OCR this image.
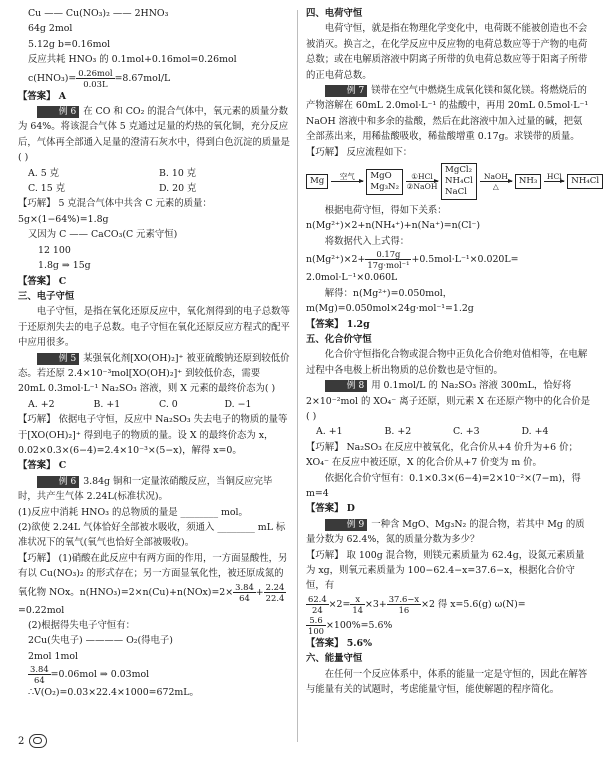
Cu —— Cu(NO₃)₂ —— 2HNO₃

64g 2mol

5.12g b=0.16mol

反应共耗 HNO₃ 的 0.1mol+0.16mol=0.26mol

$c(HNO_3)= \frac{\text{0.26mol}}{0.03L} =8.67mol/L$

【答案】 A

例 6 在 CO 和 CO₂ 的混合气体中，氧元素的质量分数为 64%。将该混合气体 5 克通过足量的灼热的氧化铜，充分反应后，气体再全部通入足量的澄清石灰水中，得到白色沉淀的质量是( )

A. 5 克	B. 10 克
C. 15 克	D. 20 克

【巧解】 5 克混合气体中共含 C 元素的质量：5g×(1−64%)=1.8g

又因为 C —— CaCO₃(C 元素守恒)

12 100

1.8g ⇒ 15g

【答案】 C

三、电子守恒

电子守恒，是指在氧化还原反应中，氧化剂得到的电子总数等于还原剂失去的电子总数。电子守恒在氧化还原反应方程式的配平中应用很多。

例 5 某强氧化剂[XO(OH)₂]⁺ 被亚硫酸钠还原到较低价态。若还原 2.4×10⁻³mol[XO(OH)₂]⁺ 到较低价态，需要 20mL 0.3mol·L⁻¹ Na₂SO₃ 溶液，则 X 元素的最终价态为( )

A. +2	B. +1	C. 0	D. −1

【巧解】 依据电子守恒，反应中 Na₂SO₃ 失去电子的物质的量等于[XO(OH)₂]⁺ 得到电子的物质的量。设 X 的最终价态为 x，0.02×0.3×(6−4)=2.4×10⁻³×(5−x)，解得 x=0。

【答案】 C

例 6 3.84g 铜和一定量浓硝酸反应，当铜反应完毕时，共产生气体 2.24L(标准状况)。

(1)反应中消耗 HNO₃ 的总物质的量是 ________ mol。

(2)欲使 2.24L 气体恰好全部被水吸收，须通入 ________ mL 标准状况下的氧气(氧气也恰好全部被吸收)。

【巧解】 (1)硝酸在此反应中有两方面的作用，一方面显酸性，另有以 Cu(NO₃)₂ 的形式存在；另一方面显氧化性，被还原成氮的氧化物 NOx。$n(HNO_3)=2\times n(Cu)+n(NOx)=2\times \frac{3.84}{64} + \frac{2.24}{22.4}$
=0.22mol

(2)根据得失电子守恒有：

2Cu(失电子) ———— O₂(得电子)

2mol 1mol

$\frac{3.84}{64} =0.06mol$ ⇒ 0.03mol

∴V(O₂)=0.03×22.4×1000=672mL。

四、电荷守恒

电荷守恒，就是指在物理化学变化中，电荷既不能被创造也不会被消灭。换言之，在化学反应中反应物的电荷总数应等于产物的电荷总数；或在电解质溶液中阴离子所带的负电荷总数应等于阳离子所带的正电荷总数。

例 7 镁带在空气中燃烧生成氧化镁和氮化镁。将燃烧后的产物溶解在 60mL 2.0mol·L⁻¹ 的盐酸中，再用 20mL 0.5mol·L⁻¹ NaOH 溶液中和多余的盐酸，然后在此溶液中加入过量的碱，把氨全部蒸出来，用稀盐酸吸收，稀盐酸增重 0.17g。求镁带的质量。

【巧解】 反应流程如下：

Mg	空气
MgO

Mg₃N₂

①HCl
②NaOH

MgCl₂

NH₄Cl

NaCl

NaOH
△
NH₃	HCl
	NH₄Cl

根据电荷守恒，得如下关系：

n(Mg²⁺)×2+n(NH₄⁺)+n(Na⁺)=n(Cl⁻)

将数据代入上式得：

$n(Mg^{2+})\times 2+ \frac{0.17g}{\text{17g·mol⁻¹}} +0.5mol\cdot L^{-1}\times 0.020L=$

2.0mol·L⁻¹×0.060L

解得：n(Mg²⁺)=0.050mol，m(Mg)=0.050mol×24g·mol⁻¹=1.2g

【答案】 1.2g

五、化合价守恒

化合价守恒指化合物或混合物中正负化合价绝对值相等，在电解过程中各电极上析出物质的总价数也是守恒的。

例 8 用 0.1mol/L 的 Na₂SO₃ 溶液 300mL，恰好将 2×10⁻²mol 的 XO₄⁻ 离子还原，则元素 X 在还原产物中的化合价是( )

A. +1	B. +2	C. +3	D. +4

【巧解】 Na₂SO₃ 在反应中被氧化，化合价从+4 价升为+6 价；XO₄⁻ 在反应中被还原，X 的化合价从+7 价变为 m 价。

依据化合价守恒有：0.1×0.3×(6−4)=2×10⁻²×(7−m)，得 m=4

【答案】 D

例 9 一种含 MgO、Mg₃N₂ 的混合物，若其中 Mg 的质量分数为 62.4%，氮的质量分数为多少？

【巧解】 取 100g 混合物，则镁元素质量为 62.4g，设氮元素质量为 xg，则氧元素质量为 100−62.4−x=37.6−x，根据化合价守恒，有

$\frac{62.4}{24} \times 2= \frac{x}{14} \times 3+ \frac{37.6-x}{16} \times 2$ 得 x=5.6(g) ω(N)=

$\frac{5.6}{100} \times 100\%=5.6\%$

【答案】 5.6%

六、能量守恒

在任何一个反应体系中，体系的能量一定是守恒的，因此在解答与能量有关的试题时，考虑能量守恒，能使解题的程序简化。

2
